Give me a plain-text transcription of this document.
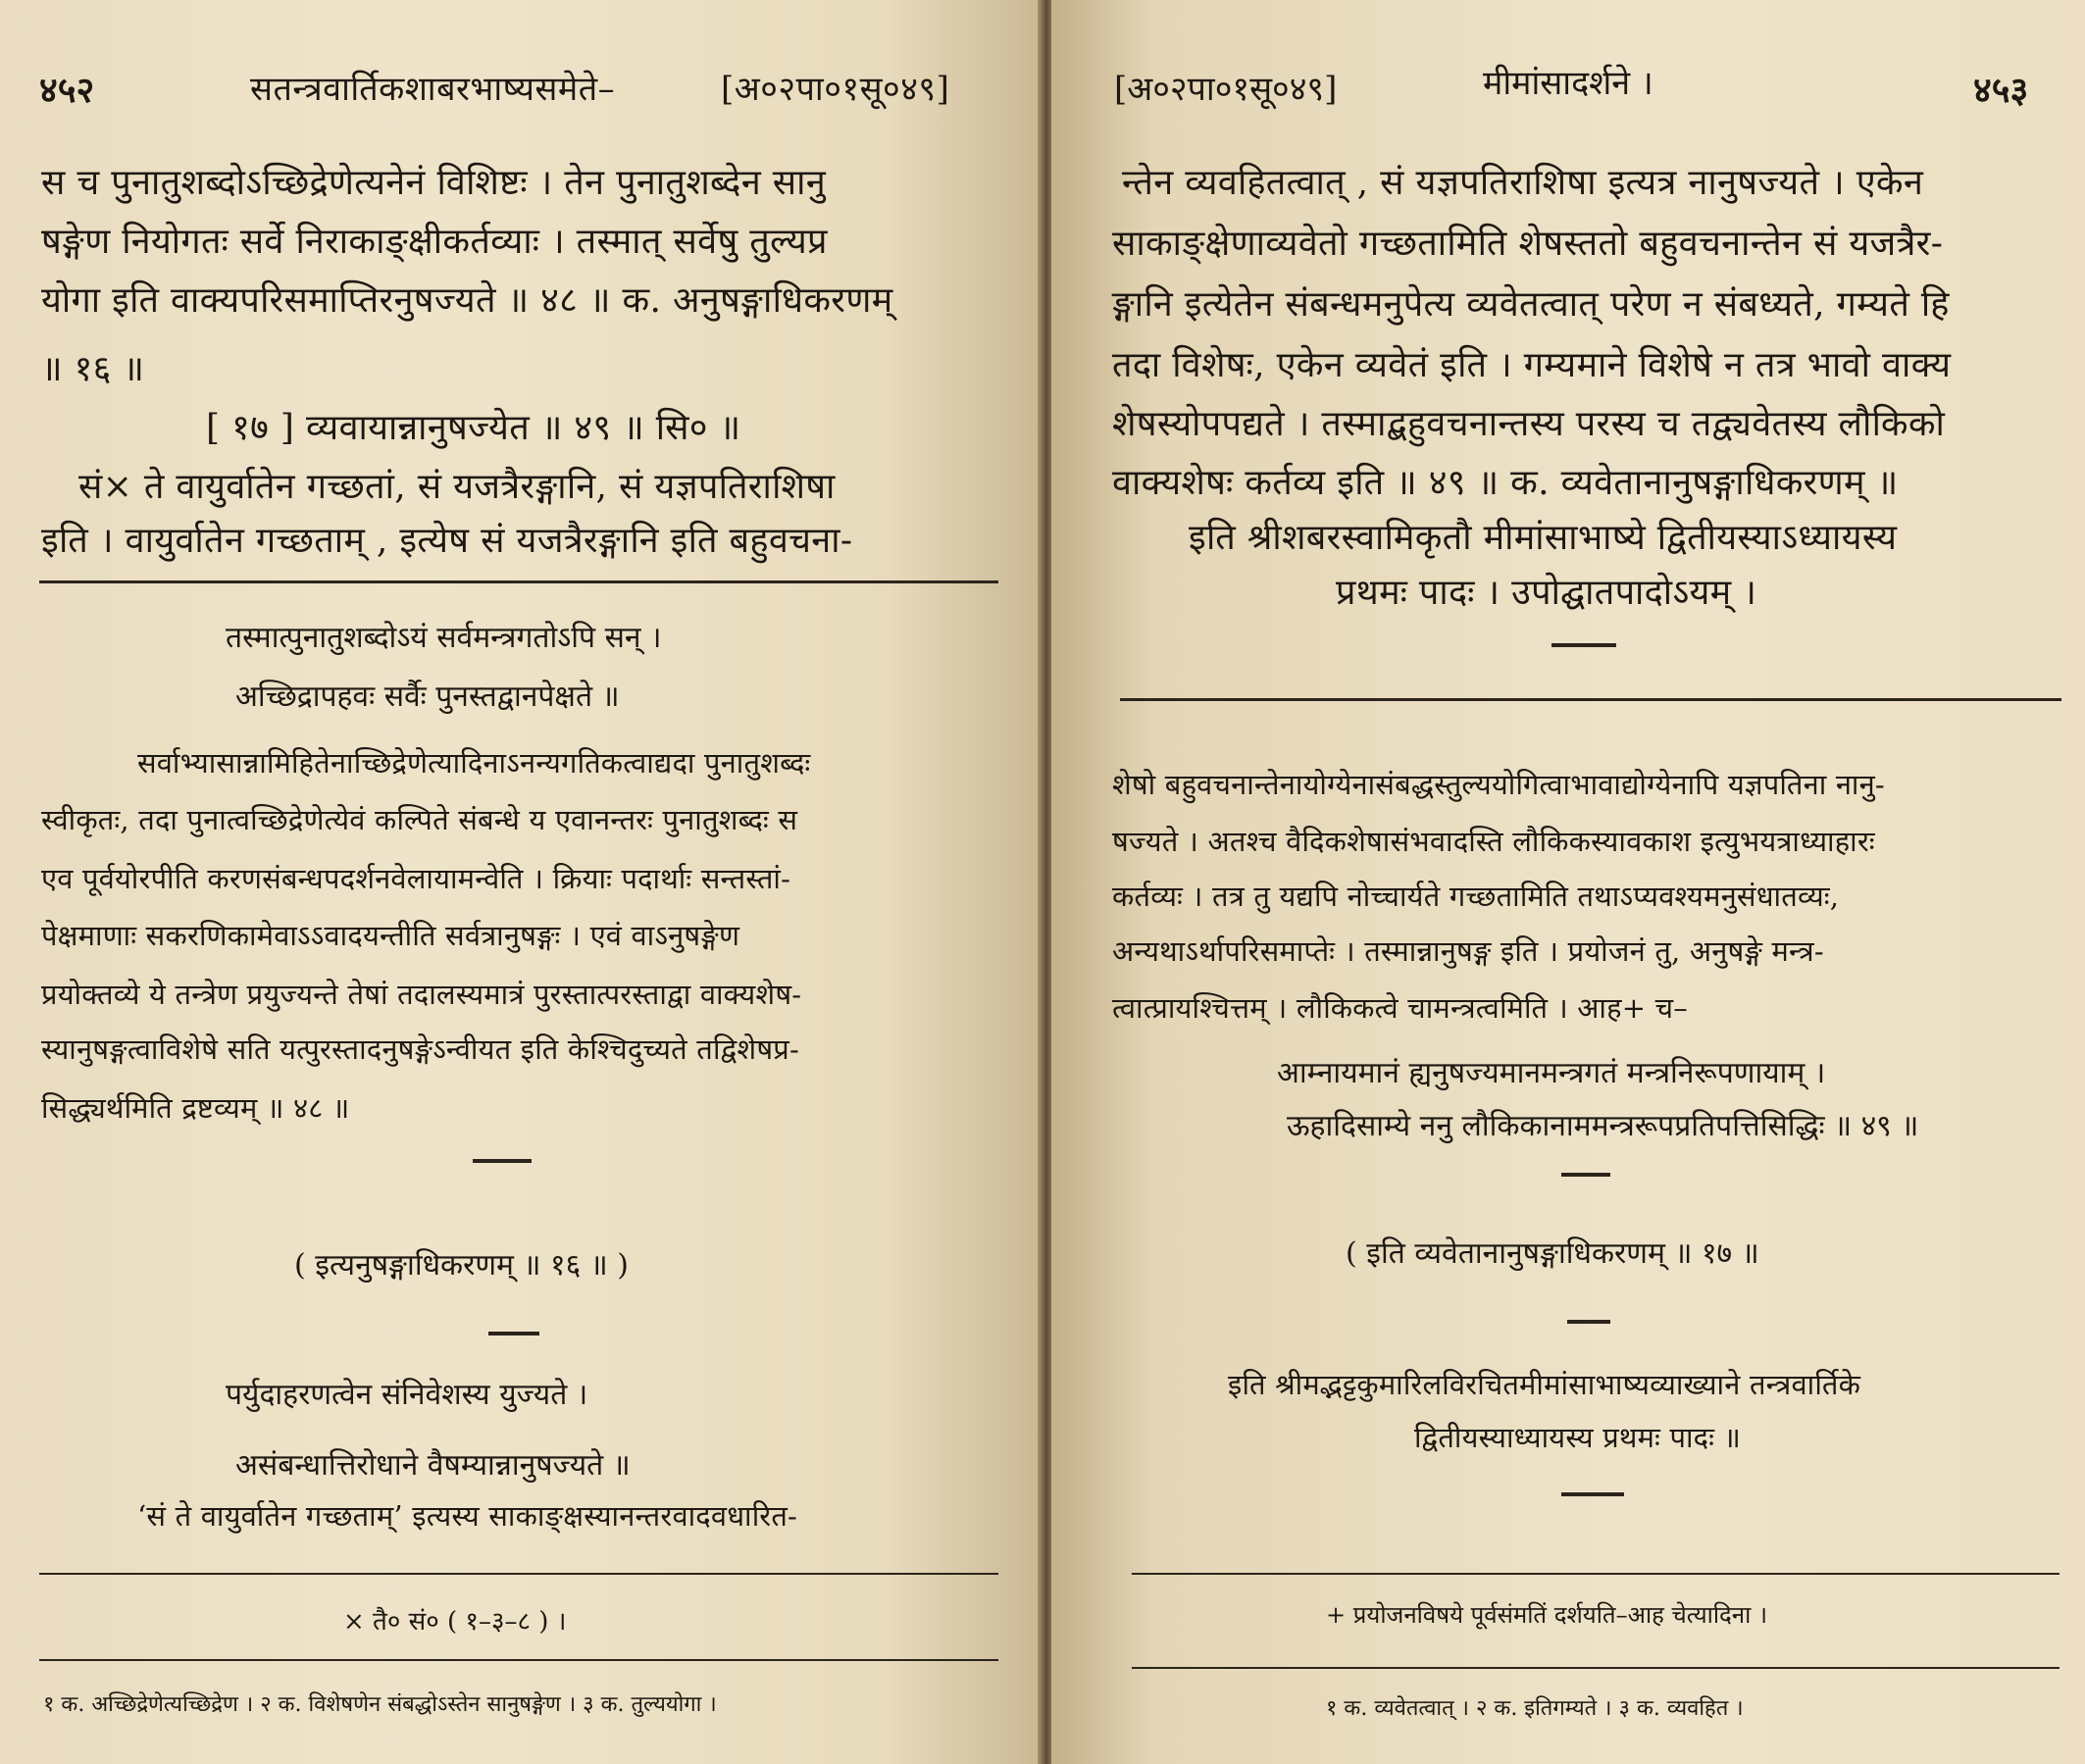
४५२	सतन्त्रवार्तिकशाबरभाष्यसमेते–	[अ०२पा०१सू०४९]
स च पुनातुशब्दोऽच्छिद्रेणेत्यनेनं विशिष्टः । तेन पुनातुशब्देन सानु
षङ्गेण नियोगतः सर्वे निराकाङ्क्षीकर्तव्याः । तस्मात् सर्वेषु तुल्यप्र
योगा इति वाक्यपरिसमाप्तिरनुषज्यते ॥ ४८ ॥ क. अनुषङ्गाधिकरणम्
॥ १६ ॥
[ १७ ] व्यवायान्नानुषज्येत ॥ ४९ ॥ सि० ॥
सं× ते वायुर्वातेन गच्छतां, सं यजत्रैरङ्गानि, सं यज्ञपतिराशिषा
इति । वायुर्वातेन गच्छताम् , इत्येष सं यजत्रैरङ्गानि इति बहुवचना-
तस्मात्पुनातुशब्दोऽयं सर्वमन्त्रगतोऽपि सन् ।
अच्छिद्रापहवः सर्वैः पुनस्तद्वानपेक्षते ॥
सर्वाभ्यासान्नामिहितेनाच्छिद्रेणेत्यादिनाऽनन्यगतिकत्वाद्यदा पुनातुशब्दः
स्वीकृतः, तदा पुनात्वच्छिद्रेणेत्येवं कल्पिते संबन्धे य एवानन्तरः पुनातुशब्दः स
एव पूर्वयोरपीति करणसंबन्धपदर्शनवेलायामन्वेति । क्रियाः पदार्थाः सन्तस्तां-
पेक्षमाणाः सकरणिकामेवाऽऽवादयन्तीति सर्वत्रानुषङ्गः । एवं वाऽनुषङ्गेण
प्रयोक्तव्ये ये तन्त्रेण प्रयुज्यन्ते तेषां तदालस्यमात्रं पुरस्तात्परस्ताद्वा वाक्यशेष-
स्यानुषङ्गत्वाविशेषे सति यत्पुरस्तादनुषङ्गेऽन्वीयत इति केश्चिदुच्यते तद्विशेषप्र-
सिद्ध्यर्थमिति द्रष्टव्यम् ॥ ४८ ॥
( इत्यनुषङ्गाधिकरणम् ॥ १६ ॥ )
पर्युदाहरणत्वेन संनिवेशस्य युज्यते ।
असंबन्धात्तिरोधाने वैषम्यान्नानुषज्यते ॥
‘सं ते वायुर्वातेन गच्छताम्’ इत्यस्य साकाङ्क्षस्यानन्तरवादवधारित-
× तै० सं० ( १–३–८ ) ।
१ क. अच्छिद्रेणेत्यच्छिद्रेण । २ क. विशेषणेन संबद्धोऽस्तेन सानुषङ्गेण । ३ क. तुल्ययोगा ।
[अ०२पा०१सू०४९]	मीमांसादर्शने ।	४५३
न्तेन व्यवहितत्वात् , सं यज्ञपतिराशिषा इत्यत्र नानुषज्यते । एकेन
साकाङ्क्षेणाव्यवेतो गच्छतामिति शेषस्ततो बहुवचनान्तेन सं यजत्रैर-
ङ्गानि इत्येतेन संबन्धमनुपेत्य व्यवेतत्वात् परेण न संबध्यते, गम्यते हि
तदा विशेषः, एकेन व्यवेतं इति । गम्यमाने विशेषे न तत्र भावो वाक्य
शेषस्योपपद्यते । तस्माद्बहुवचनान्तस्य परस्य च तद्व्यवेतस्य लौकिको
वाक्यशेषः कर्तव्य इति ॥ ४९ ॥ क. व्यवेतानानुषङ्गाधिकरणम् ॥
इति श्रीशबरस्वामिकृतौ मीमांसाभाष्ये द्वितीयस्याऽध्यायस्य
प्रथमः पादः । उपोद्घातपादोऽयम् ।
शेषो बहुवचनान्तेनायोग्येनासंबद्धस्तुल्ययोगित्वाभावाद्योग्येनापि यज्ञपतिना नानु-
षज्यते । अतश्च वैदिकशेषासंभवादस्ति लौकिकस्यावकाश इत्युभयत्राध्याहारः
कर्तव्यः । तत्र तु यद्यपि नोच्चार्यते गच्छतामिति तथाऽप्यवश्यमनुसंधातव्यः,
अन्यथाऽर्थापरिसमाप्तेः । तस्मान्नानुषङ्ग इति । प्रयोजनं तु, अनुषङ्गे मन्त्र-
त्वात्प्रायश्चित्तम् । लौकिकत्वे चामन्त्रत्वमिति । आह+ च–
आम्नायमानं ह्यनुषज्यमानमन्त्रगतं मन्त्रनिरूपणायाम् ।
ऊहादिसाम्ये ननु लौकिकानाममन्त्ररूपप्रतिपत्तिसिद्धिः ॥ ४९ ॥
( इति व्यवेतानानुषङ्गाधिकरणम् ॥ १७ ॥
इति श्रीमद्भट्टकुमारिलविरचितमीमांसाभाष्यव्याख्याने तन्त्रवार्तिके
द्वितीयस्याध्यायस्य प्रथमः पादः ॥
+ प्रयोजनविषये पूर्वसंमतिं दर्शयति–आह चेत्यादिना ।
१ क. व्यवेतत्वात् । २ क. इतिगम्यते । ३ क. व्यवहित ।
